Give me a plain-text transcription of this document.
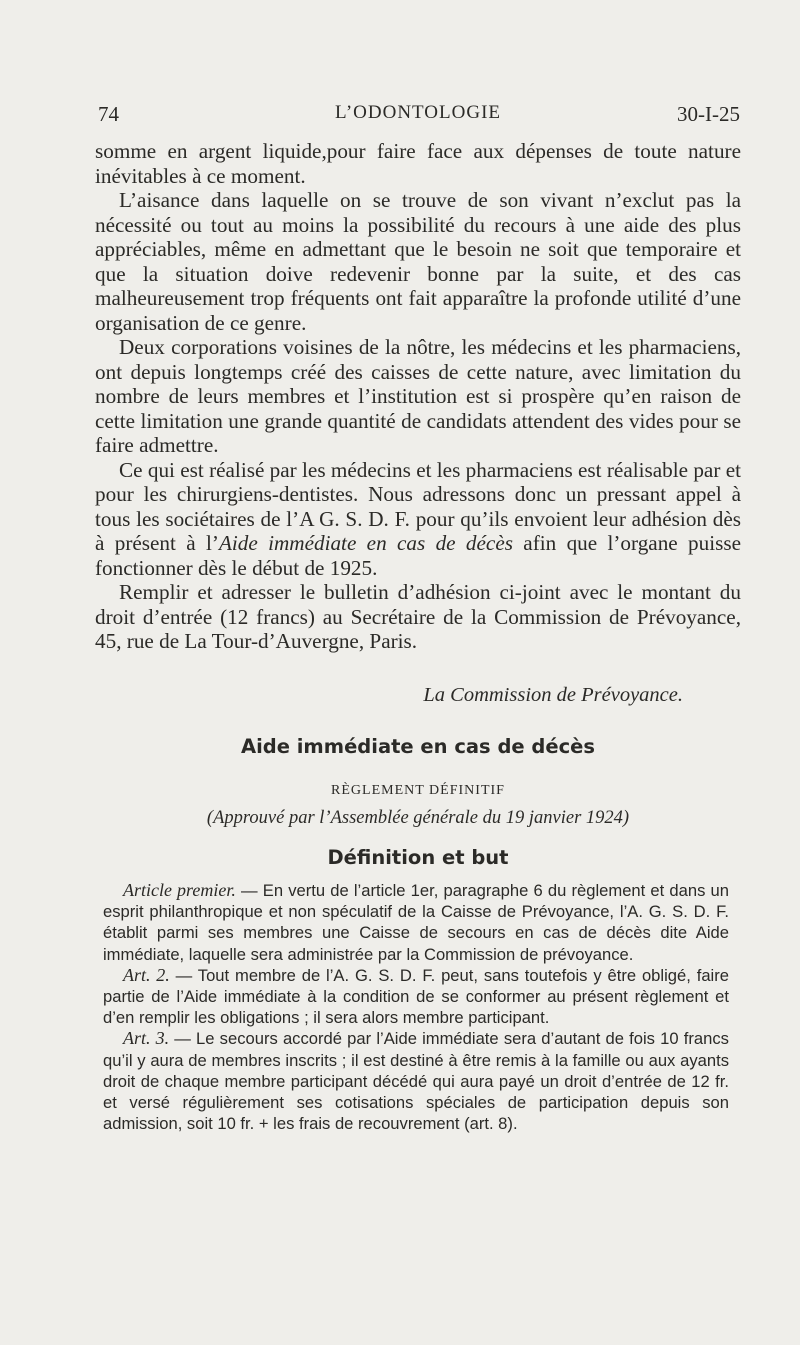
74	L’ODONTOLOGIE	30-I-25

somme en argent liquide,pour faire face aux dépenses de toute nature inévitables à ce moment.

L’aisance dans laquelle on se trouve de son vivant n’exclut pas la nécessité ou tout au moins la possibilité du recours à une aide des plus appréciables, même en admettant que le besoin ne soit que temporaire et que la situation doive redevenir bonne par la suite, et des cas malheureusement trop fréquents ont fait apparaître la profonde utilité d’une organisation de ce genre.

Deux corporations voisines de la nôtre, les médecins et les pharmaciens, ont depuis longtemps créé des caisses de cette nature, avec limitation du nombre de leurs membres et l’institution est si prospère qu’en raison de cette limitation une grande quantité de candidats attendent des vides pour se faire admettre.

Ce qui est réalisé par les médecins et les pharmaciens est réalisable par et pour les chirurgiens-dentistes. Nous adressons donc un pressant appel à tous les sociétaires de l’A G. S. D. F. pour qu’ils envoient leur adhésion dès à présent à l’Aide immédiate en cas de décès afin que l’organe puisse fonctionner dès le début de 1925.

Remplir et adresser le bulletin d’adhésion ci-joint avec le montant du droit d’entrée (12 francs) au Secrétaire de la Commission de Prévoyance, 45, rue de La Tour-d’Auvergne, Paris.

La Commission de Prévoyance.
Aide immédiate en cas de décès
RÈGLEMENT DÉFINITIF
(Approuvé par l’Assemblée générale du 19 janvier 1924)
Définition et but

Article premier. — En vertu de l’article 1er, paragraphe 6 du règlement et dans un esprit philanthropique et non spéculatif de la Caisse de Prévoyance, l’A. G. S. D. F. établit parmi ses membres une Caisse de secours en cas de décès dite Aide immédiate, laquelle sera administrée par la Commission de prévoyance.

Art. 2. — Tout membre de l’A. G. S. D. F. peut, sans toutefois y être obligé, faire partie de l’Aide immédiate à la condition de se conformer au présent règlement et d’en remplir les obligations ; il sera alors membre participant.

Art. 3. — Le secours accordé par l’Aide immédiate sera d’autant de fois 10 francs qu’il y aura de membres inscrits ; il est destiné à être remis à la famille ou aux ayants droit de chaque membre participant décédé qui aura payé un droit d’entrée de 12 fr. et versé régulièrement ses cotisations spéciales de participation depuis son admission, soit 10 fr. + les frais de recouvrement (art. 8).
